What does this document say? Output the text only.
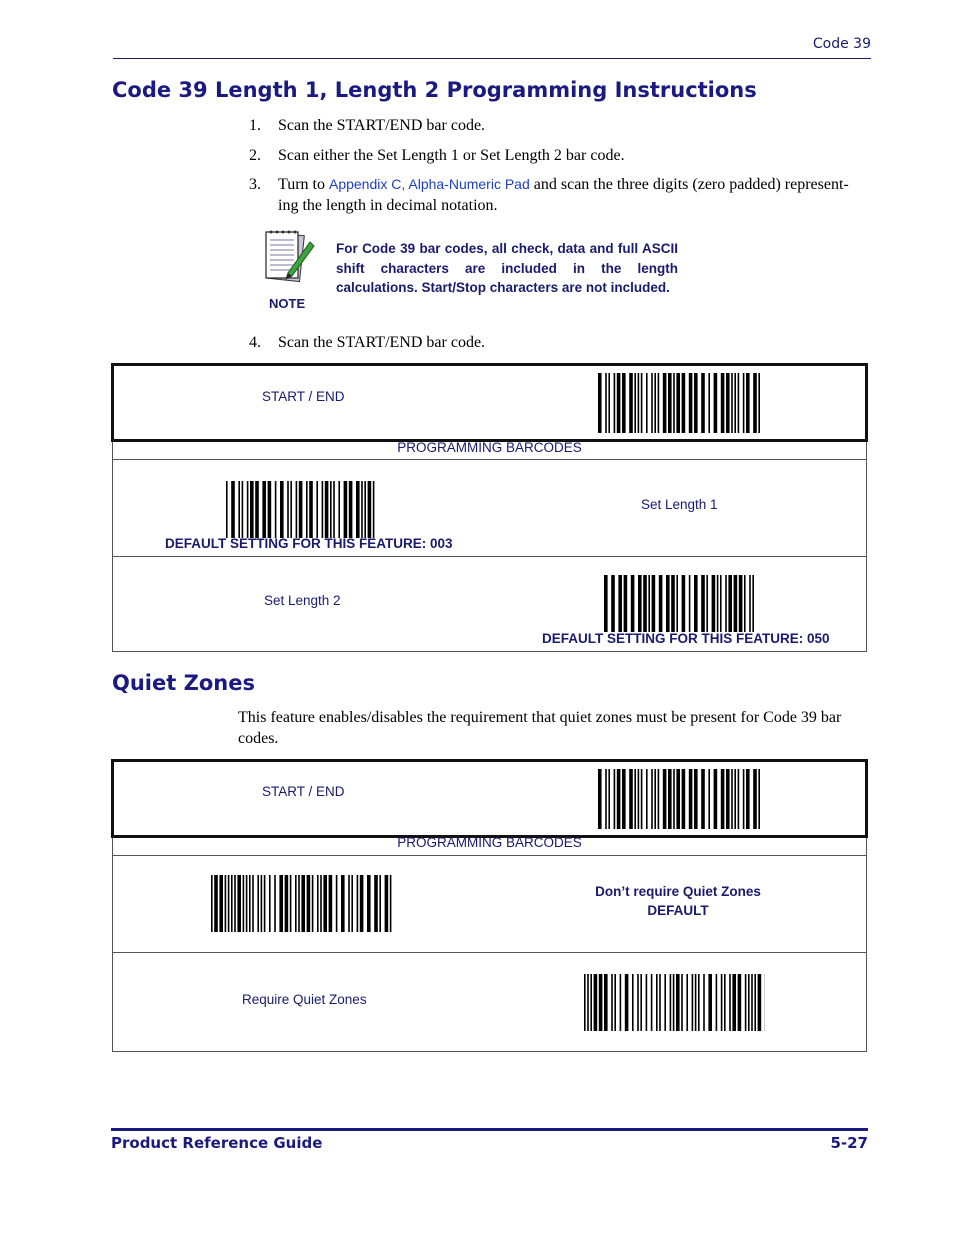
Code 39
Code 39 Length 1, Length 2 Programming Instructions
1. Scan the START/END bar code.
2. Scan either the Set Length 1 or Set Length 2 bar code.
3. Turn to Appendix C, Alpha-Numeric Pad and scan the three digits (zero padded) represent-
ing the length in decimal notation.
NOTE
For Code 39 bar codes, all check, data and full ASCII shift characters are included in the length calculations. Start/Stop characters are not included.
4. Scan the START/END bar code.
START / END
PROGRAMMING BARCODES
Set Length 1
DEFAULT SETTING FOR THIS FEATURE: 003
Set Length 2
DEFAULT SETTING FOR THIS FEATURE: 050
Quiet Zones
This feature enables/disables the requirement that quiet zones must be present for Code 39 bar
codes.
START / END
PROGRAMMING BARCODES
Don’t require Quiet Zones
DEFAULT
Require Quiet Zones
Product Reference Guide	5-27
